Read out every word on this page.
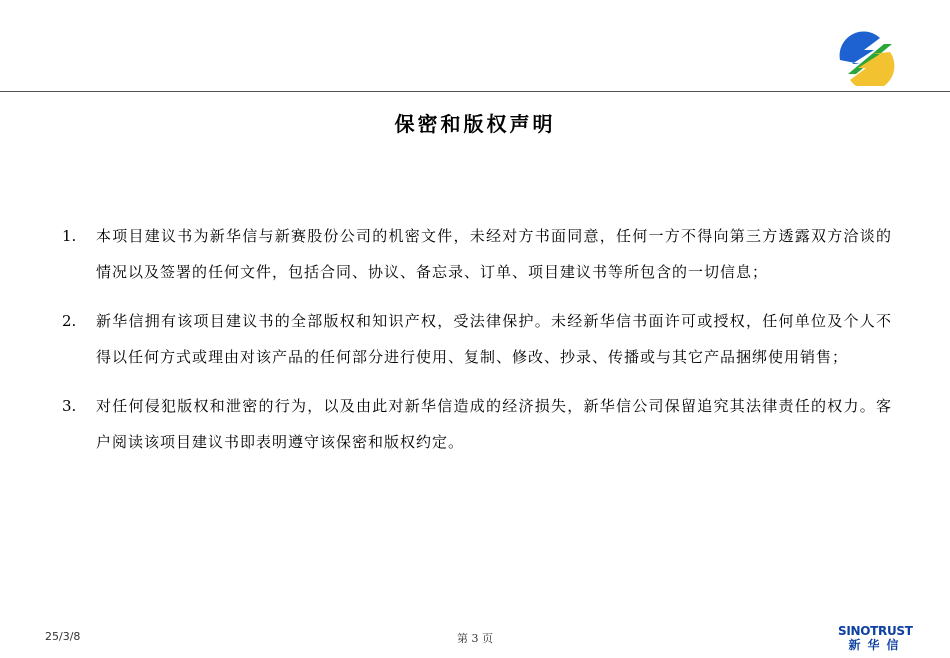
保密和版权声明
1.	本项目建议书为新华信与新赛股份公司的机密文件，未经对方书面同意，任何一方不得向第三方透露双方洽谈的情况以及签署的任何文件，包括合同、协议、备忘录、订单、项目建议书等所包含的一切信息；
2.	新华信拥有该项目建议书的全部版权和知识产权，受法律保护。未经新华信书面许可或授权，任何单位及个人不得以任何方式或理由对该产品的任何部分进行使用、复制、修改、抄录、传播或与其它产品捆绑使用销售；
3.	对任何侵犯版权和泄密的行为，以及由此对新华信造成的经济损失，新华信公司保留追究其法律责任的权力。客户阅读该项目建议书即表明遵守该保密和版权约定。
25/3/8	第 3 页
SINOTRUST
新华信
